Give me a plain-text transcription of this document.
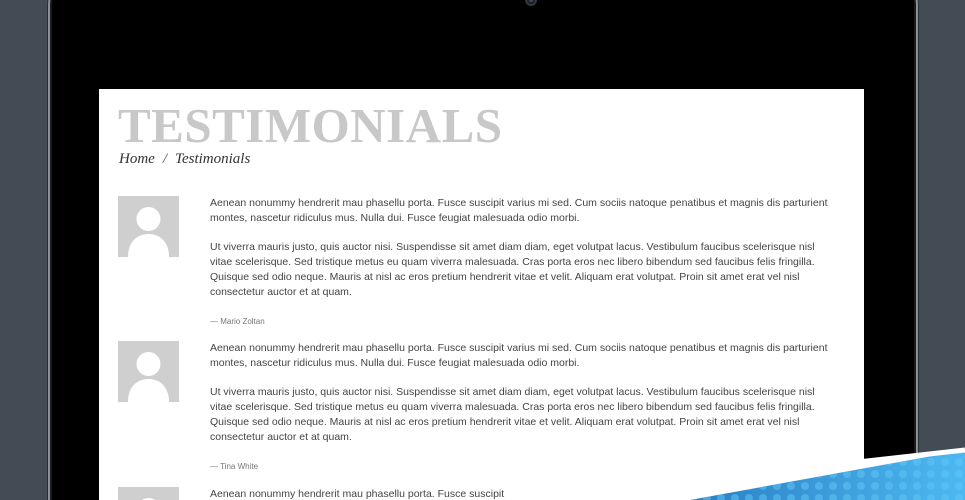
TESTIMONIALS
Home / Testimonials

Aenean nonummy hendrerit mau phasellu porta. Fusce suscipit varius mi sed. Cum sociis natoque penatibus et magnis dis parturient montes, nascetur ridiculus mus. Nulla dui. Fusce feugiat malesuada odio morbi.

Ut viverra mauris justo, quis auctor nisi. Suspendisse sit amet diam diam, eget volutpat lacus. Vestibulum faucibus scelerisque nisl vitae scelerisque. Sed tristique metus eu quam viverra malesuada. Cras porta eros nec libero bibendum sed faucibus felis fringilla. Quisque sed odio neque. Mauris at nisl ac eros pretium hendrerit vitae et velit. Aliquam erat volutpat. Proin sit amet erat vel nisl consectetur auctor et at quam.

— Mario Zoltan

Aenean nonummy hendrerit mau phasellu porta. Fusce suscipit varius mi sed. Cum sociis natoque penatibus et magnis dis parturient montes, nascetur ridiculus mus. Nulla dui. Fusce feugiat malesuada odio morbi.

Ut viverra mauris justo, quis auctor nisi. Suspendisse sit amet diam diam, eget volutpat lacus. Vestibulum faucibus scelerisque nisl vitae scelerisque. Sed tristique metus eu quam viverra malesuada. Cras porta eros nec libero bibendum sed faucibus felis fringilla. Quisque sed odio neque. Mauris at nisl ac eros pretium hendrerit vitae et velit. Aliquam erat volutpat. Proin sit amet erat vel nisl consectetur auctor et at quam.

— Tina White

Aenean nonummy hendrerit mau phasellu porta. Fusce suscipit
